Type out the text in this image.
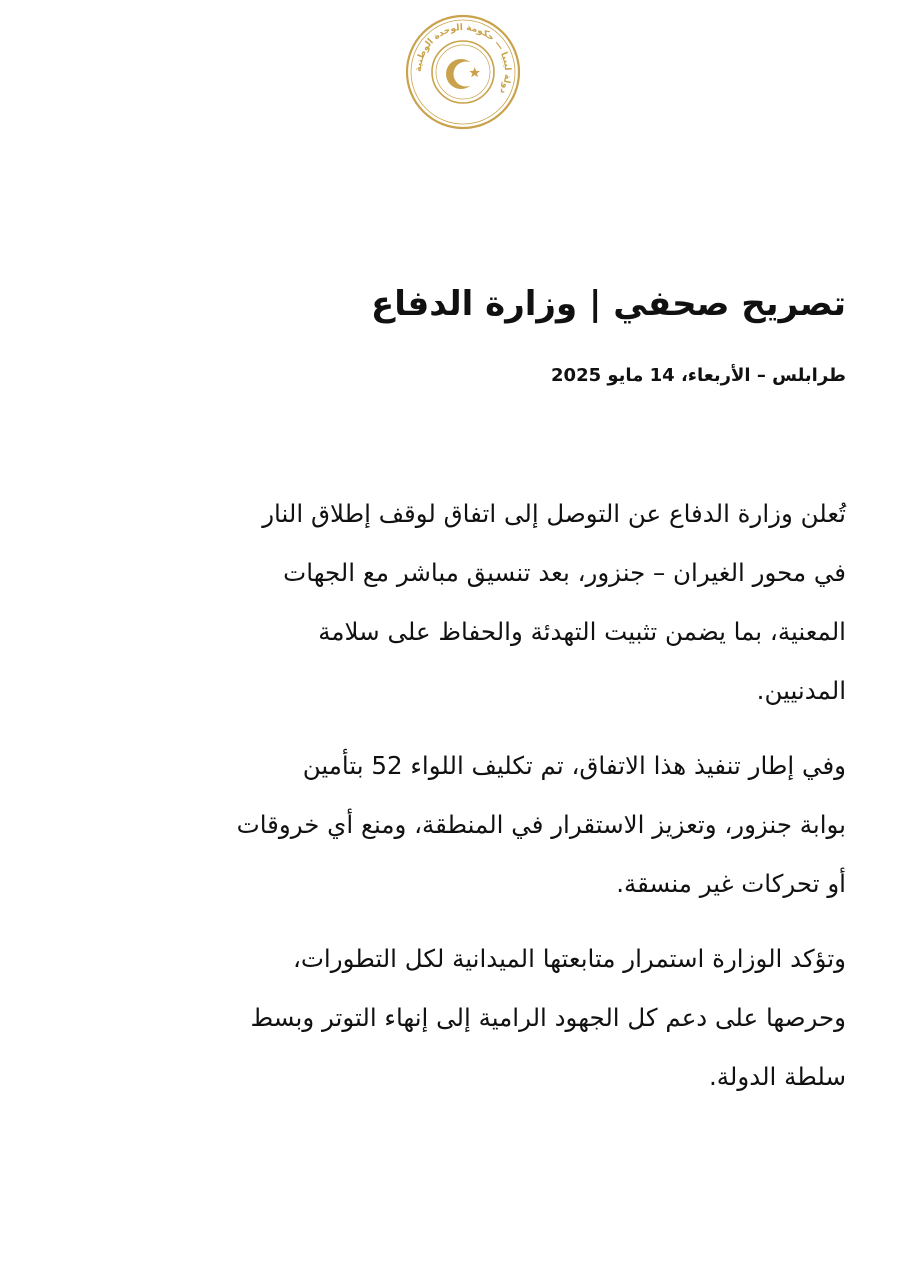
دولة ليبيا — حكومة الوحدة الوطنية
تصريح صحفي | وزارة الدفاع
طرابلس – الأربعاء، 14 مايو 2025

تُعلن وزارة الدفاع عن التوصل إلى اتفاق لوقف إطلاق النار
في محور الغيران – جنزور، بعد تنسيق مباشر مع الجهات
المعنية، بما يضمن تثبيت التهدئة والحفاظ على سلامة
المدنيين.

وفي إطار تنفيذ هذا الاتفاق، تم تكليف اللواء 52 بتأمين
بوابة جنزور، وتعزيز الاستقرار في المنطقة، ومنع أي خروقات
أو تحركات غير منسقة.

وتؤكد الوزارة استمرار متابعتها الميدانية لكل التطورات،
وحرصها على دعم كل الجهود الرامية إلى إنهاء التوتر وبسط
سلطة الدولة.
